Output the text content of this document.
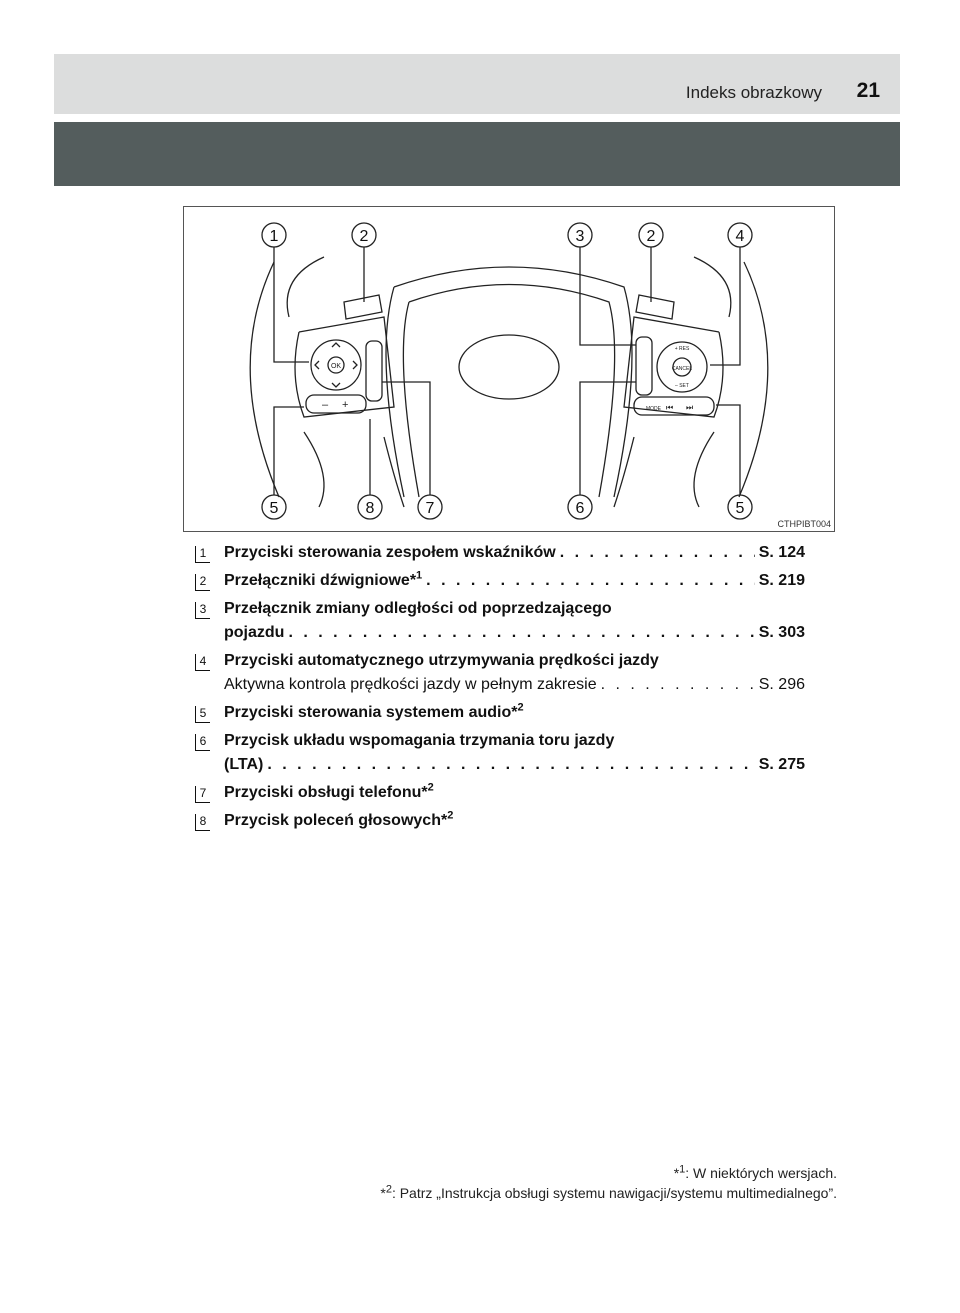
Indeks obrazkowy 21
OK
– +
CANCEL
+ RES
– SET
MODE ⏮ ⏭
1	2	3	2	4
5	8	7	6	5
CTHPIBT004
1 Przyciski sterowania zespołem wskaźników . . .	S. 124
2 Przełączniki dźwigniowe*$^1$ . . .	S. 219
3 Przełącznik zmiany odległości od poprzedzającego
pojazdu . . .	S. 303
4 Przyciski automatycznego utrzymywania prędkości jazdy
Aktywna kontrola prędkości jazdy w pełnym zakresie . . .	S. 296
5 Przyciski sterowania systemem audio*$^2$
6 Przycisk układu wspomagania trzymania toru jazdy
(LTA) . . .	S. 275
7 Przyciski obsługi telefonu*$^2$
8 Przycisk poleceń głosowych*$^2$
*$^1$: W niektórych wersjach.
*$^2$: Patrz „Instrukcja obsługi systemu nawigacji/systemu multimedialnego”.
